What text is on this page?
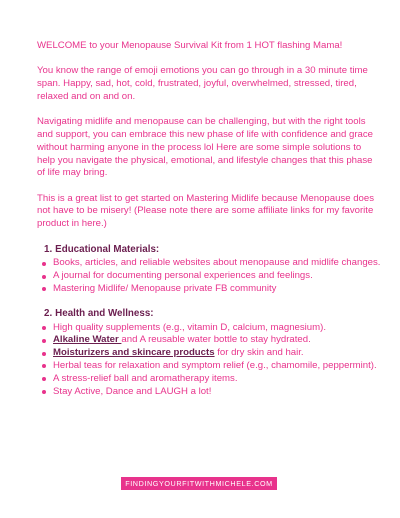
WELCOME to your Menopause Survival Kit from 1 HOT flashing Mama!

You know the range of emoji emotions you can go through in a 30 minute time span. Happy, sad, hot, cold, frustrated, joyful, overwhelmed, stressed, tired, relaxed and on and on.

Navigating midlife and menopause can be challenging, but with the right tools and support, you can embrace this new phase of life with confidence and grace without harming anyone in the process lol Here are some simple solutions to help you navigate the physical, emotional, and lifestyle changes that this phase of life may bring.

This is a great list to get started on Mastering Midlife because Menopause does not have to be misery! (Please note there are some affiliate links for my favorite product in here.)

1. Educational Materials:
Books, articles, and reliable websites about menopause and midlife changes.
A journal for documenting personal experiences and feelings.
Mastering Midlife/ Menopause private FB community
2. Health and Wellness:
High quality supplements (e.g., vitamin D, calcium, magnesium).
Alkaline Water and A reusable water bottle to stay hydrated.
Moisturizers and skincare products for dry skin and hair.
Herbal teas for relaxation and symptom relief (e.g., chamomile, peppermint).
A stress-relief ball and aromatherapy items.
Stay Active, Dance and LAUGH a lot!
FINDINGYOURFITWITHMICHELE.COM
